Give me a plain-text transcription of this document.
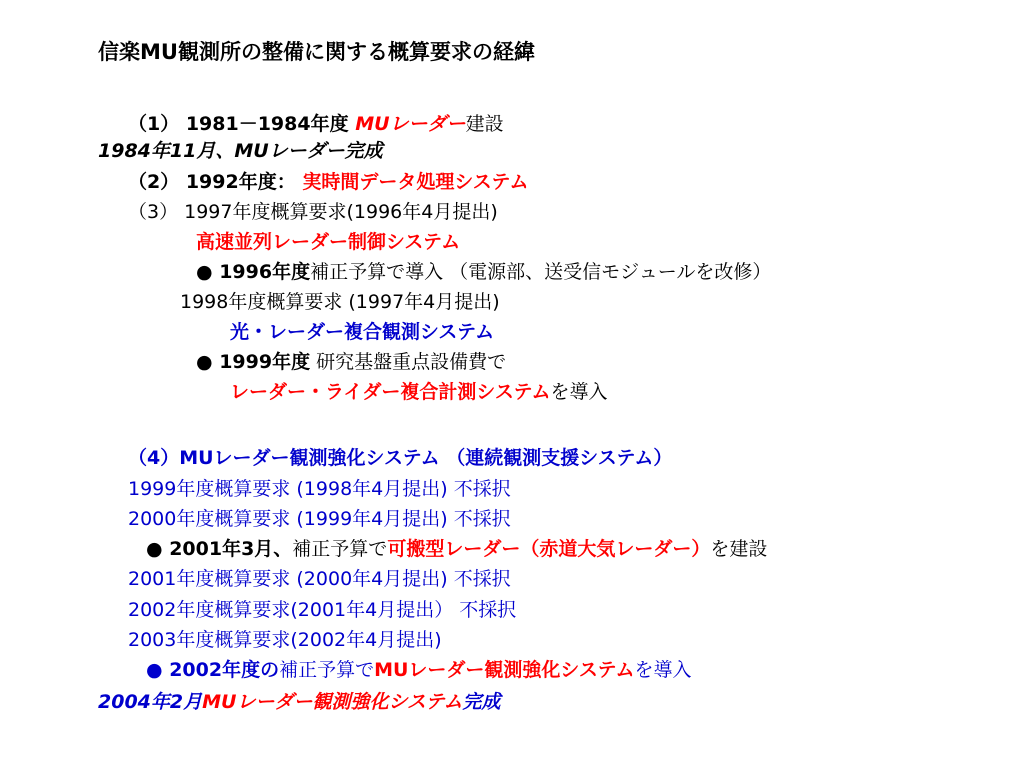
信楽MU観測所の整備に関する概算要求の経緯
（1） 1981－1984年度 MUレーダー建設
1984年11月、MUレーダー完成
（2） 1992年度： 実時間データ処理システム
（3） 1997年度概算要求(1996年4月提出)
高速並列レーダー制御システム
● 1996年度補正予算で導入 （電源部、送受信モジュールを改修）
1998年度概算要求 (1997年4月提出)
光・レーダー複合観測システム
● 1999年度 研究基盤重点設備費で
レーダー・ライダー複合計測システムを導入
（4）MUレーダー観測強化システム （連続観測支援システム）
1999年度概算要求 (1998年4月提出) 不採択
2000年度概算要求 (1999年4月提出) 不採択
● 2001年3月、補正予算で可搬型レーダー（赤道大気レーダー）を建設
2001年度概算要求 (2000年4月提出) 不採択
2002年度概算要求(2001年4月提出） 不採択
2003年度概算要求(2002年4月提出)
● 2002年度の補正予算でMUレーダー観測強化システムを導入
2004年2月MUレーダー観測強化システム完成
